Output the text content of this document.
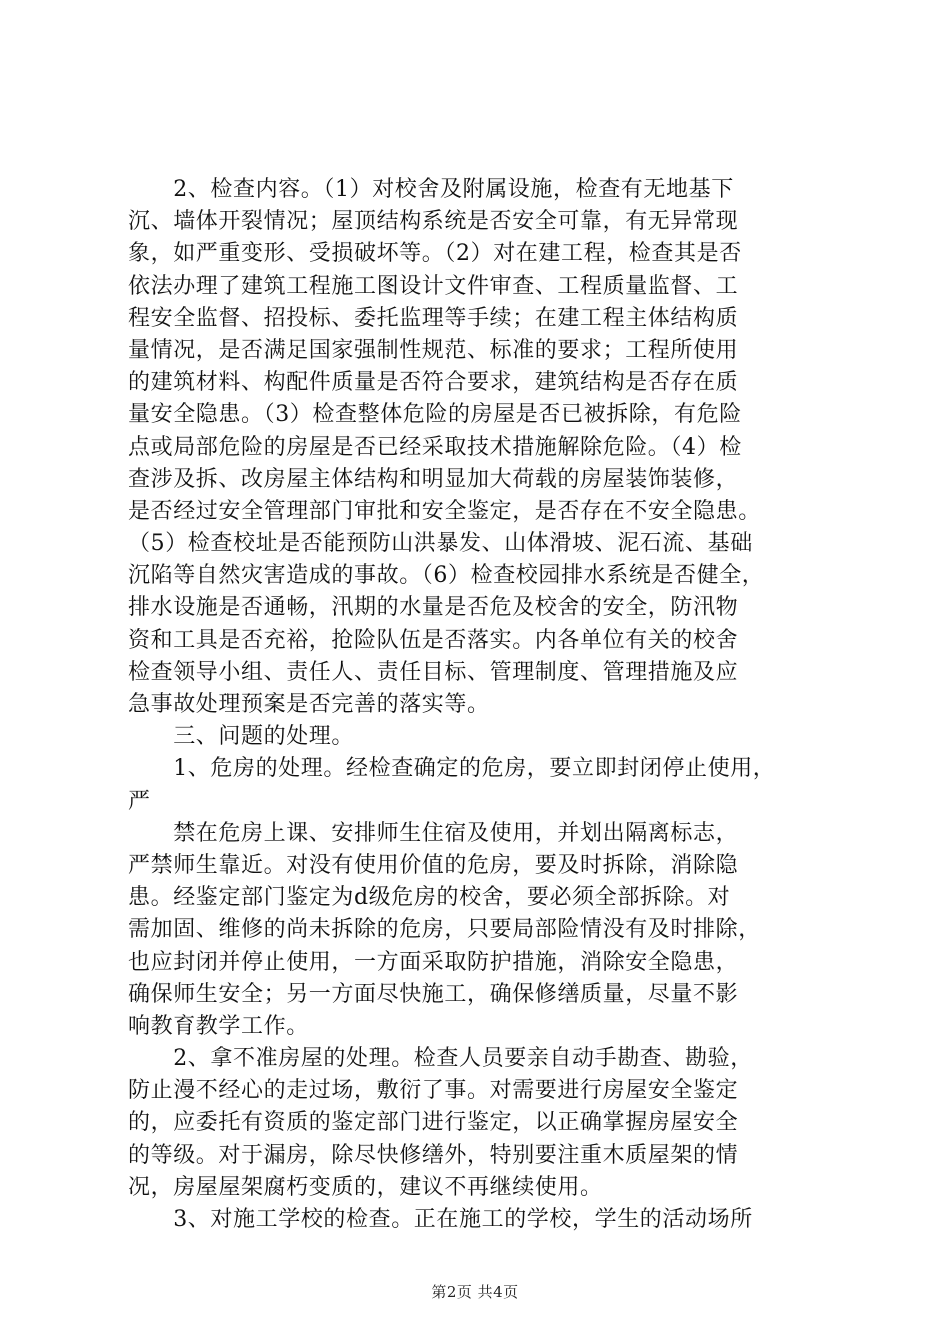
　　2、检查内容。（1）对校舍及附属设施，检查有无地基下
沉、墙体开裂情况；屋顶结构系统是否安全可靠，有无异常现
象，如严重变形、受损破坏等。（2）对在建工程，检查其是否
依法办理了建筑工程施工图设计文件审查、工程质量监督、工
程安全监督、招投标、委托监理等手续；在建工程主体结构质
量情况，是否满足国家强制性规范、标准的要求；工程所使用
的建筑材料、构配件质量是否符合要求，建筑结构是否存在质
量安全隐患。（3）检查整体危险的房屋是否已被拆除，有危险
点或局部危险的房屋是否已经采取技术措施解除危险。（4）检
查涉及拆、改房屋主体结构和明显加大荷载的房屋装饰装修，
是否经过安全管理部门审批和安全鉴定，是否存在不安全隐患。
（5）检查校址是否能预防山洪暴发、山体滑坡、泥石流、基础
沉陷等自然灾害造成的事故。（6）检查校园排水系统是否健全，
排水设施是否通畅，汛期的水量是否危及校舍的安全，防汛物
资和工具是否充裕，抢险队伍是否落实。内各单位有关的校舍
检查领导小组、责任人、责任目标、管理制度、管理措施及应
急事故处理预案是否完善的落实等。
　　三、问题的处理。
　　1、危房的处理。经检查确定的危房，要立即封闭停止使用，
严
　　禁在危房上课、安排师生住宿及使用，并划出隔离标志，
严禁师生靠近。对没有使用价值的危房，要及时拆除，消除隐
患。经鉴定部门鉴定为d级危房的校舍，要必须全部拆除。对
需加固、维修的尚未拆除的危房，只要局部险情没有及时排除，
也应封闭并停止使用，一方面采取防护措施，消除安全隐患，
确保师生安全；另一方面尽快施工，确保修缮质量，尽量不影
响教育教学工作。
　　2、拿不准房屋的处理。检查人员要亲自动手勘查、勘验，
防止漫不经心的走过场，敷衍了事。对需要进行房屋安全鉴定
的，应委托有资质的鉴定部门进行鉴定，以正确掌握房屋安全
的等级。对于漏房，除尽快修缮外，特别要注重木质屋架的情
况，房屋屋架腐朽变质的，建议不再继续使用。
　　3、对施工学校的检查。正在施工的学校，学生的活动场所
第2页 共4页
